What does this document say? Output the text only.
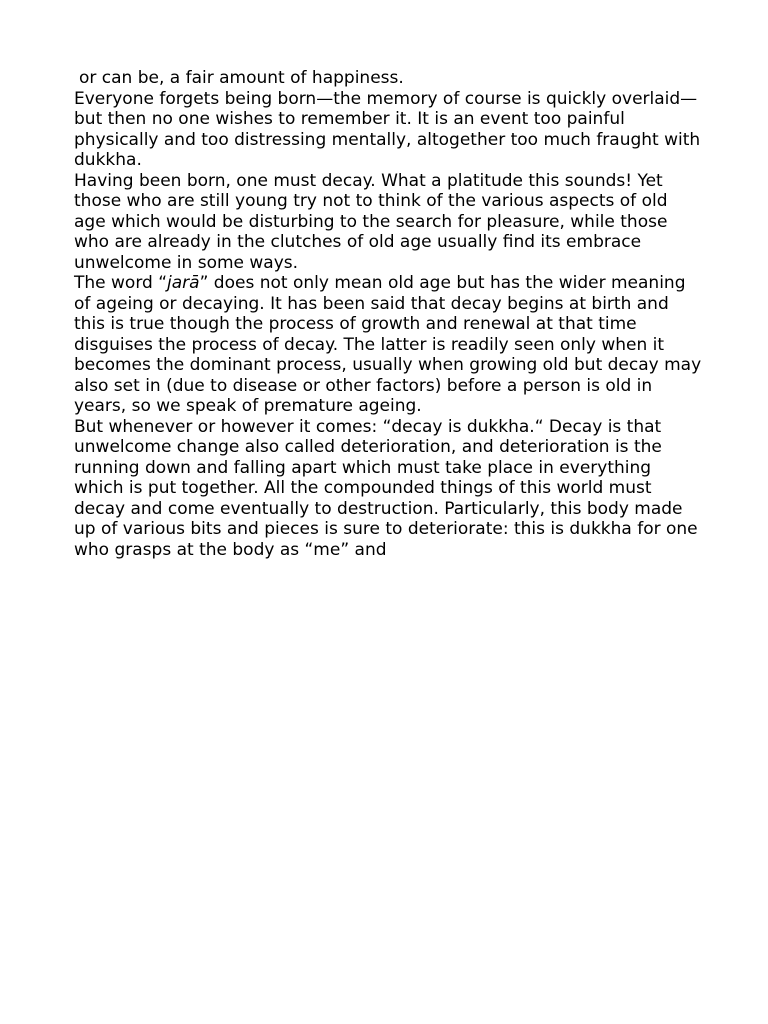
or can be, a fair amount of happiness.

Everyone forgets being born—the memory of course is quickly overlaid—but then no one wishes to remember it. It is an event too painful physically and too distressing mentally, altogether too much fraught with dukkha.

Having been born, one must decay. What a platitude this sounds! Yet those who are still young try not to think of the various aspects of old age which would be disturbing to the search for pleasure, while those who are already in the clutches of old age usually find its embrace unwelcome in some ways.

The word “jarā” does not only mean old age but has the wider meaning of ageing or decaying. It has been said that decay begins at birth and this is true though the process of growth and renewal at that time disguises the process of decay. The latter is readily seen only when it becomes the dominant process, usually when growing old but decay may also set in (due to disease or other factors) before a person is old in years, so we speak of premature ageing.

But whenever or however it comes: “decay is dukkha.“ Decay is that unwelcome change also called deterioration, and deterioration is the running down and falling apart which must take place in everything which is put together. All the compounded things of this world must decay and come eventually to destruction. Particularly, this body made up of various bits and pieces is sure to deteriorate: this is dukkha for one who grasps at the body as “me” and
